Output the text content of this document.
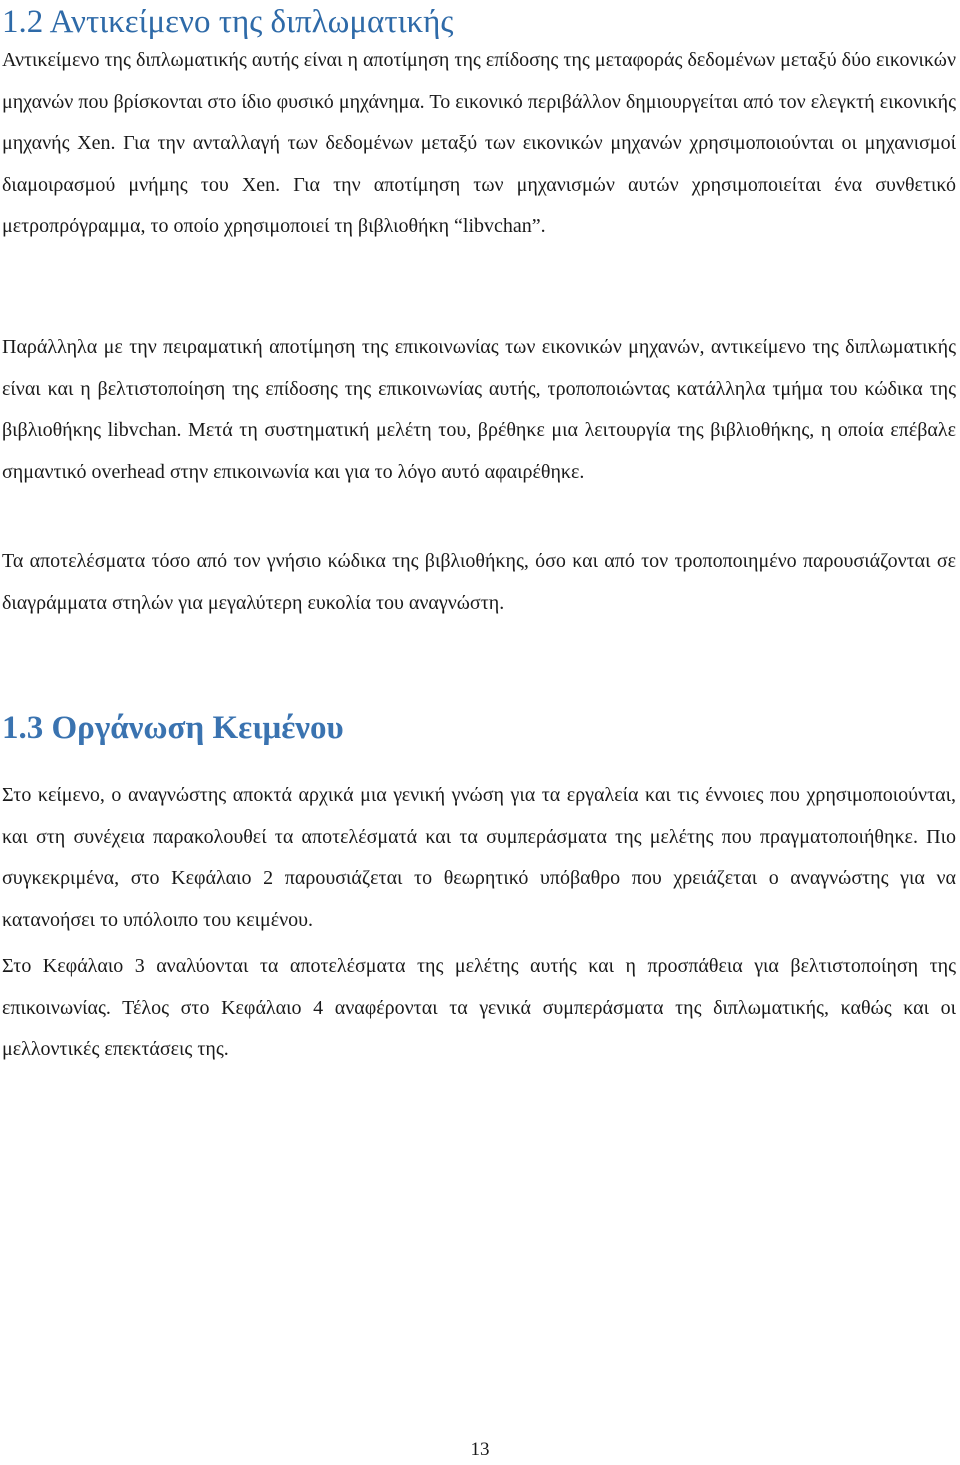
1.2 Αντικείμενο της διπλωματικής

Αντικείμενο της διπλωματικής αυτής είναι η αποτίμηση της επίδοσης της μεταφοράς δεδομένων μεταξύ δύο εικονικών μηχανών που βρίσκονται στο ίδιο φυσικό μηχάνημα. Το εικονικό περιβάλλον δημιουργείται από τον ελεγκτή εικονικής μηχανής Xen. Για την ανταλλαγή των δεδομένων μεταξύ των εικονικών μηχανών χρησιμοποιούνται οι μηχανισμοί διαμοιρασμού μνήμης του Xen. Για την αποτίμηση των μηχανισμών αυτών χρησιμοποιείται ένα συνθετικό μετροπρόγραμμα, το οποίο χρησιμοποιεί τη βιβλιοθήκη “libvchan”.

Παράλληλα με την πειραματική αποτίμηση της επικοινωνίας των εικονικών μηχανών, αντικείμενο της διπλωματικής είναι και η βελτιστοποίηση της επίδοσης της επικοινωνίας αυτής, τροποποιώντας κατάλληλα τμήμα του κώδικα της βιβλιοθήκης libvchan. Μετά τη συστηματική μελέτη του, βρέθηκε μια λειτουργία της βιβλιοθήκης, η οποία επέβαλε σημαντικό overhead στην επικοινωνία και για το λόγο αυτό αφαιρέθηκε.

Τα αποτελέσματα τόσο από τον γνήσιο κώδικα της βιβλιοθήκης, όσο και από τον τροποποιημένο παρουσιάζονται σε διαγράμματα στηλών για μεγαλύτερη ευκολία του αναγνώστη.

1.3 Οργάνωση Κειμένου

Στο κείμενο, ο αναγνώστης αποκτά αρχικά μια γενική γνώση για τα εργαλεία και τις έννοιες που χρησιμοποιούνται, και στη συνέχεια παρακολουθεί τα αποτελέσματά και τα συμπεράσματα της μελέτης που πραγματοποιήθηκε. Πιο συγκεκριμένα, στο Κεφάλαιο 2 παρουσιάζεται το θεωρητικό υπόβαθρο που χρειάζεται ο αναγνώστης για να κατανοήσει το υπόλοιπο του κειμένου.

Στο Κεφάλαιο 3 αναλύονται τα αποτελέσματα της μελέτης αυτής και η προσπάθεια για βελτιστοποίηση της επικοινωνίας. Τέλος στο Κεφάλαιο 4 αναφέρονται τα γενικά συμπεράσματα της διπλωματικής, καθώς και οι μελλοντικές επεκτάσεις της.

13
